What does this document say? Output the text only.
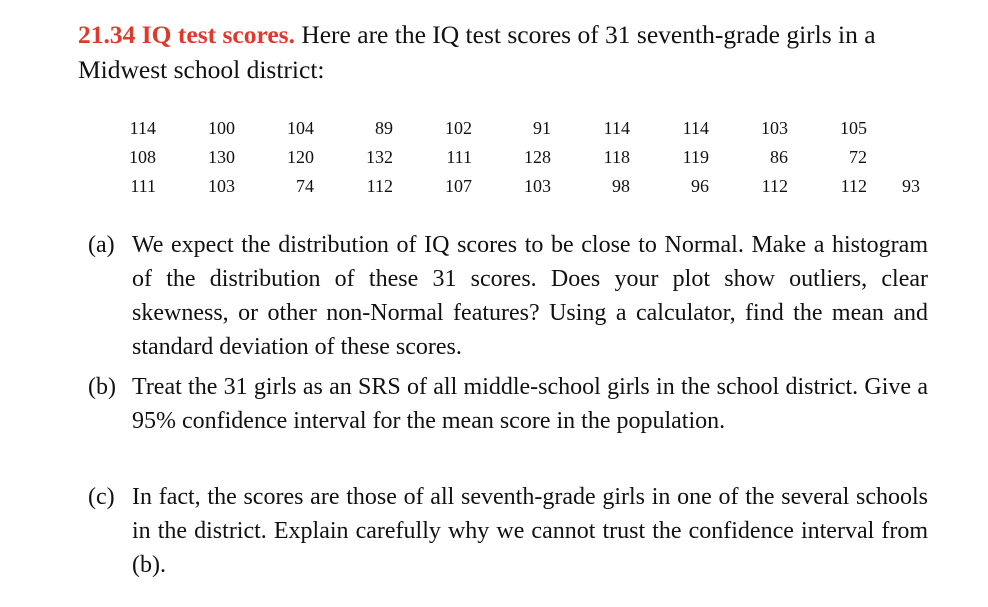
21.34 IQ test scores. Here are the IQ test scores of 31 seventh-grade girls in a Midwest school district:
114	100	104	89	102	91	114	114	103	105
108	130	120	132	111	128	118	119	86	72
111	103	74	112	107	103	98	96	112	112	93
(a) We expect the distribution of IQ scores to be close to Normal. Make a histogram of the distribution of these 31 scores. Does your plot show outliers, clear skewness, or other non-Normal features? Using a calculator, find the mean and standard deviation of these scores.
(b) Treat the 31 girls as an SRS of all middle-school girls in the school district. Give a 95% confidence interval for the mean score in the population.
(c) In fact, the scores are those of all seventh-grade girls in one of the several schools in the district. Explain carefully why we cannot trust the confidence interval from (b).
